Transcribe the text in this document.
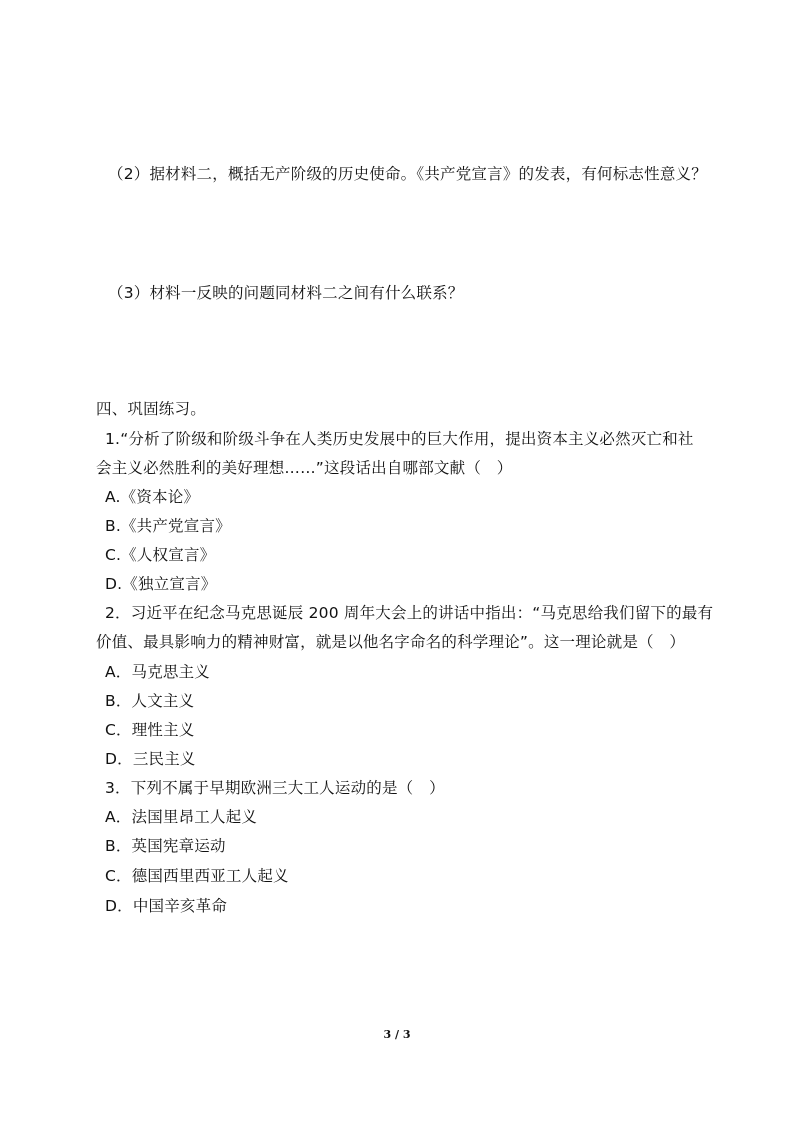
（2）据材料二，概括无产阶级的历史使命。《共产党宣言》的发表，有何标志性意义？
（3）材料一反映的问题同材料二之间有什么联系？
四、巩固练习。
1.“分析了阶级和阶级斗争在人类历史发展中的巨大作用，提出资本主义必然灭亡和社
会主义必然胜利的美好理想……”这段话出自哪部文献（　）
A.《资本论》
B.《共产党宣言》
C.《人权宣言》
D.《独立宣言》
2．习近平在纪念马克思诞辰 200 周年大会上的讲话中指出：“马克思给我们留下的最有
价值、最具影响力的精神财富，就是以他名字命名的科学理论”。这一理论就是（　）
A．马克思主义
B．人文主义
C．理性主义
D．三民主义
3．下列不属于早期欧洲三大工人运动的是（　）
A．法国里昂工人起义
B．英国宪章运动
C．德国西里西亚工人起义
D．中国辛亥革命
3 / 3
